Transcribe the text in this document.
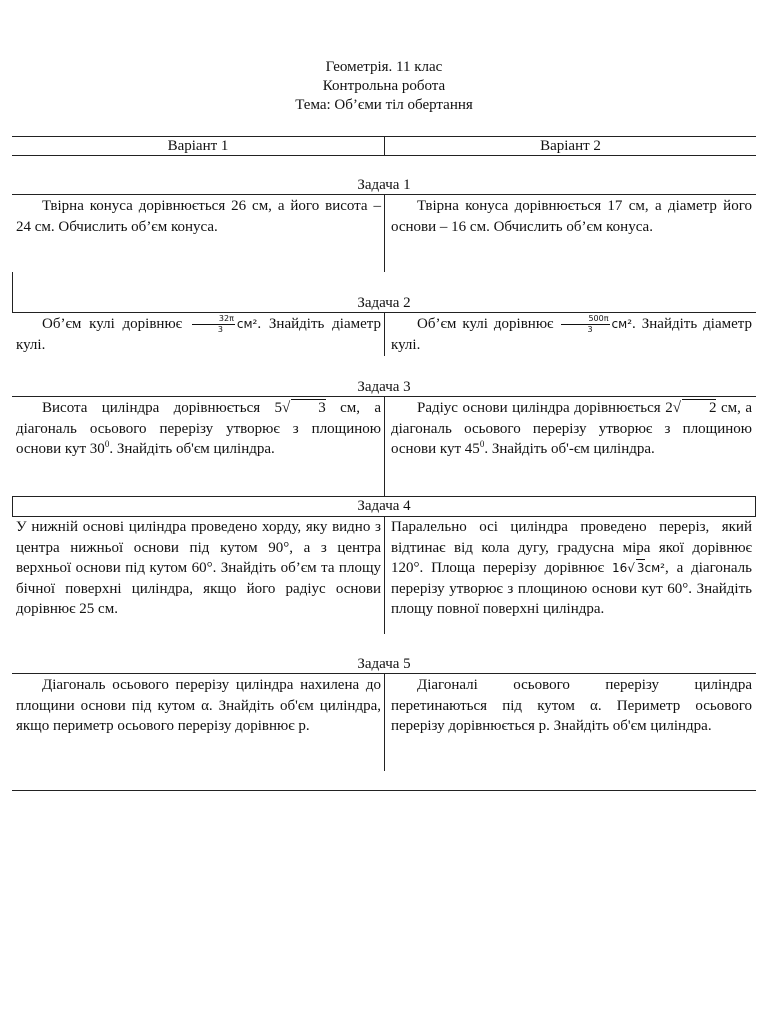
Геометрія. 11 клас
Контрольна робота
Тема: Об’єми тіл обертання
Варіант 1	Варіант 2
Задача 1
Твірна конуса дорівнюється 26 см, а його висота – 24 см. Обчислить об’єм конуса.
Твірна конуса дорівнюється 17 см, а діаметр його основи – 16 см. Обчислить об’єм конуса.
Задача 2
Об’єм кулі дорівнює $\frac{32\pi}{3} см^2$. Знайдіть діаметр кулі.
Об’єм кулі дорівнює $\frac{500\pi}{3} см^2$. Знайдіть діаметр кулі.
Задача 3
Висота циліндра дорівнюється 5√ 3 см, а діагональ осьового перерізу утворює з площиною основи кут $30^0$. Знайдіть об'єм циліндра.
Радіус основи циліндра дорівнюється 2√ 2 см, а діагональ осьового перерізу утворює з площиною основи кут $45^0$. Знайдіть об'-єм циліндра.
Задача 4
У нижній основі циліндра проведено хорду, яку видно з центра нижньої основи під кутом 90°, а з центра верхньої основи під кутом 60°. Знайдіть об’єм та площу бічної поверхні циліндра, якщо його радіус основи дорівнює 25 см.
Паралельно осі циліндра проведено переріз, який відтинає від кола дугу, градусна міра якої дорівнює 120°. Площа перерізу дорівнює 16√ 3см², а діагональ перерізу утворює з площиною основи кут 60°. Знайдіть площу повної поверхні циліндра.
Задача 5
Діагональ осьового перерізу циліндра нахилена до площини основи під кутом α. Знайдіть об'єм циліндра, якщо периметр осьового перерізу дорівнює p.
Діагоналі осьового перерізу циліндра перетинаються під кутом α. Периметр осьового перерізу дорівнюється p. Знайдіть об'єм циліндра.
